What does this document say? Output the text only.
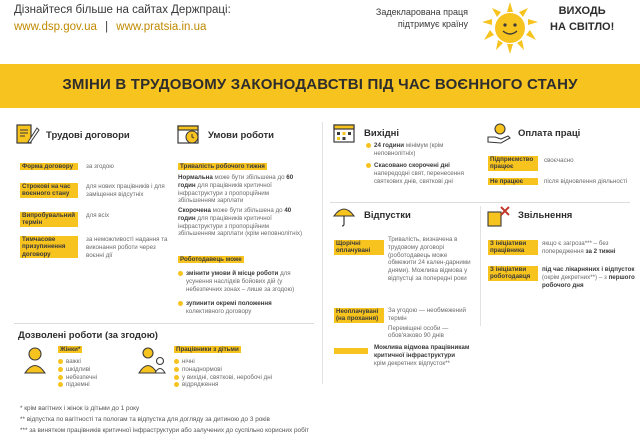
Дізнайтеся більше на сайтах Держпраці:
www.dsp.gov.ua | www.pratsia.in.ua
Задекларована праця
підтримує країну
ВИХОДЬ
НА СВІТЛО!
ЗМІНИ В ТРУДОВОМУ ЗАКОНОДАВСТВІ ПІД ЧАС ВОЄННОГО СТАНУ
Трудові договори
Форма договору	за згодою
Строкові на час воєнного стану
для нових працівників і для заміщення відсутніх
Випробувальний термін
для всіх
Тимчасове призупинення договору
за неможливості надання та виконання роботи через воєнні дії
Умови роботи
Тривалість робочого тижня
Нормальна може бути збільшена до 60 годин для працівників критичної інфраструктури з пропорційним збільшенням зарплати
Скорочена може бути збільшена до 40 годин для працівників критичної інфраструктури з пропорційним збільшенням зарплати (крім неповнолітніх)
Роботодавець може
змінити умови й місце роботи для усунення наслідків бойових дій (у небезпечних зонах – лише за згодою)
зупинити окремі положення колективного договору
Вихідні
24 години мінімум (крім неповнолітніх)
Скасовано скорочені дні напередодні свят, перенесення святкових днів, святкові дні
Оплата праці
Підприємство працює
своєчасно
Не працює	після відновлення діяльності
Відпустки
Щорічні оплачувані
Тривалість, визначена в трудовому договорі (роботодавець може обмежити 24 кален-дарними днями). Можлива відмова у відпустці за попередні роки
Неоплачувані (на прохання)
За угодою — необмежений термін
Переміщені особи — обов'язково 90 днів
Можлива відмова працівникам критичної інфраструктури
крім декретних відпусток**
Звільнення
З ініціативи працівника
якщо є загроза*** – без попередження за 2 тижні
З ініціативи роботодавця
під час лікарняних і відпусток (окрім декретних**) – з першого робочого дня
Дозволені роботи (за згодою)
Жінки*
важкі
шкідливі
небезпечні
підземні
Працівники з дітьми
нічні
понаднормові
у вихідні, святкові, неробочі дні
відрядження
* крім вагітних і жінок із дітьми до 1 року
** відпустка по вагітності та пологам та відпустка для догляду за дитиною до 3 років
*** за винятком працівників критичної інфраструктури або залучених до суспільно корисних робіт
